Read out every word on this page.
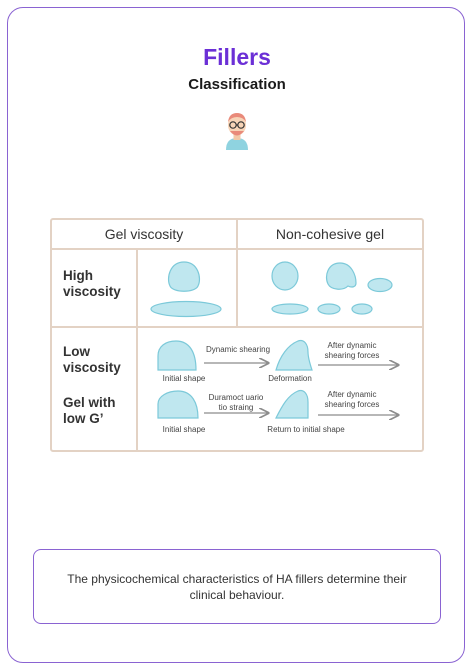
Fillers
Classification
Gel viscosity	Non-cohesive gel
High viscosity
Low viscosity
Gel with low G’
Dynamic shearing
Initial shape	Deformation
After dynamic shearing forces
Duramoct uario tio straing
Initial shape	Return to initial shape
After dynamic shearing forces
The physicochemical characteristics of HA fillers determine their clinical behaviour.
